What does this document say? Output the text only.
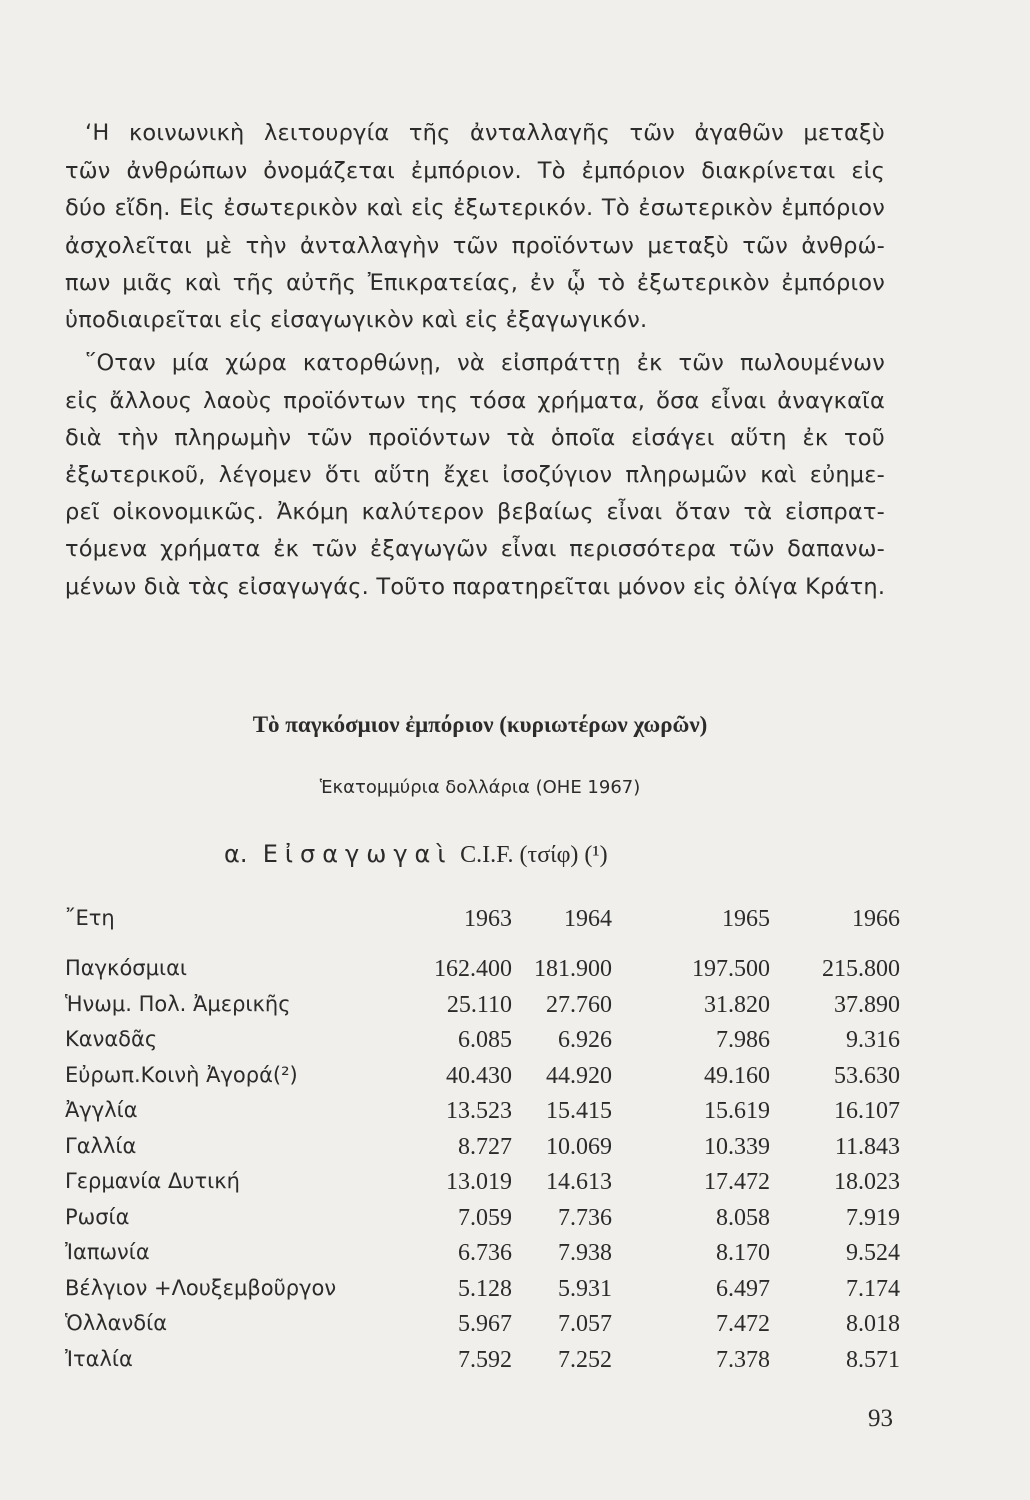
‘Η κοινωνικὴ λειτουργία τῆς ἀνταλλαγῆς τῶν ἀγαθῶν μεταξὺ
τῶν ἀνθρώπων ὀνομάζεται ἐμπόριον. Τὸ ἐμπόριον διακρίνεται εἰς
δύο εἴδη. Εἰς ἐσωτερικὸν καὶ εἰς ἐξωτερικόν. Τὸ ἐσωτερικὸν ἐμπόριον
ἀσχολεῖται μὲ τὴν ἀνταλλαγὴν τῶν προϊόντων μεταξὺ τῶν ἀνθρώ-
πων μιᾶς καὶ τῆς αὐτῆς Ἐπικρατείας, ἐν ᾧ τὸ ἐξωτερικὸν ἐμπόριον
ὑποδιαιρεῖται εἰς εἰσαγωγικὸν καὶ εἰς ἐξαγωγικόν.
῞Οταν μία χώρα κατορθώνῃ, νὰ εἰσπράττῃ ἐκ τῶν πωλουμένων
εἰς ἄλλους λαοὺς προϊόντων της τόσα χρήματα, ὅσα εἶναι ἀναγκαῖα
διὰ τὴν πληρωμὴν τῶν προϊόντων τὰ ὁποῖα εἰσάγει αὕτη ἐκ τοῦ
ἐξωτερικοῦ, λέγομεν ὅτι αὕτη ἔχει ἰσοζύγιον πληρωμῶν καὶ εὐημε-
ρεῖ οἰκονομικῶς. Ἀκόμη καλύτερον βεβαίως εἶναι ὅταν τὰ εἰσπρατ-
τόμενα χρήματα ἐκ τῶν ἐξαγωγῶν εἶναι περισσότερα τῶν δαπανω-
μένων διὰ τὰς εἰσαγωγάς. Τοῦτο παρατηρεῖται μόνον εἰς ὀλίγα Κράτη.
Τὸ παγκόσμιον ἐμπόριον (κυριωτέρων χωρῶν)
Ἑκατομμύρια δολλάρια (ΟΗΕ 1967)
α. Εἰσαγωγαὶ C.I.F. (τσίφ) (¹)
῎Ετη	1963	1964	1965	1966
Παγκόσμιαι	162.400 181.900	197.500	215.800
Ἡνωμ. Πολ. Ἀμερικῆς	25.110	27.760	31.820	37.890
Καναδᾶς	6.085	6.926	7.986	9.316
Εὐρωπ.Κοινὴ Ἀγορά(²)	40.430	44.920	49.160	53.630
Ἀγγλία	13.523	15.415	15.619	16.107
Γαλλία	8.727	10.069	10.339	11.843
Γερμανία Δυτική	13.019	14.613	17.472	18.023
Ρωσία	7.059	7.736	8.058	7.919
Ἰαπωνία	6.736	7.938	8.170	9.524
Βέλγιον +Λουξεμβοῦργον	5.128	5.931	6.497	7.174
Ὁλλανδία	5.967	7.057	7.472	8.018
Ἰταλία	7.592	7.252	7.378	8.571
93
